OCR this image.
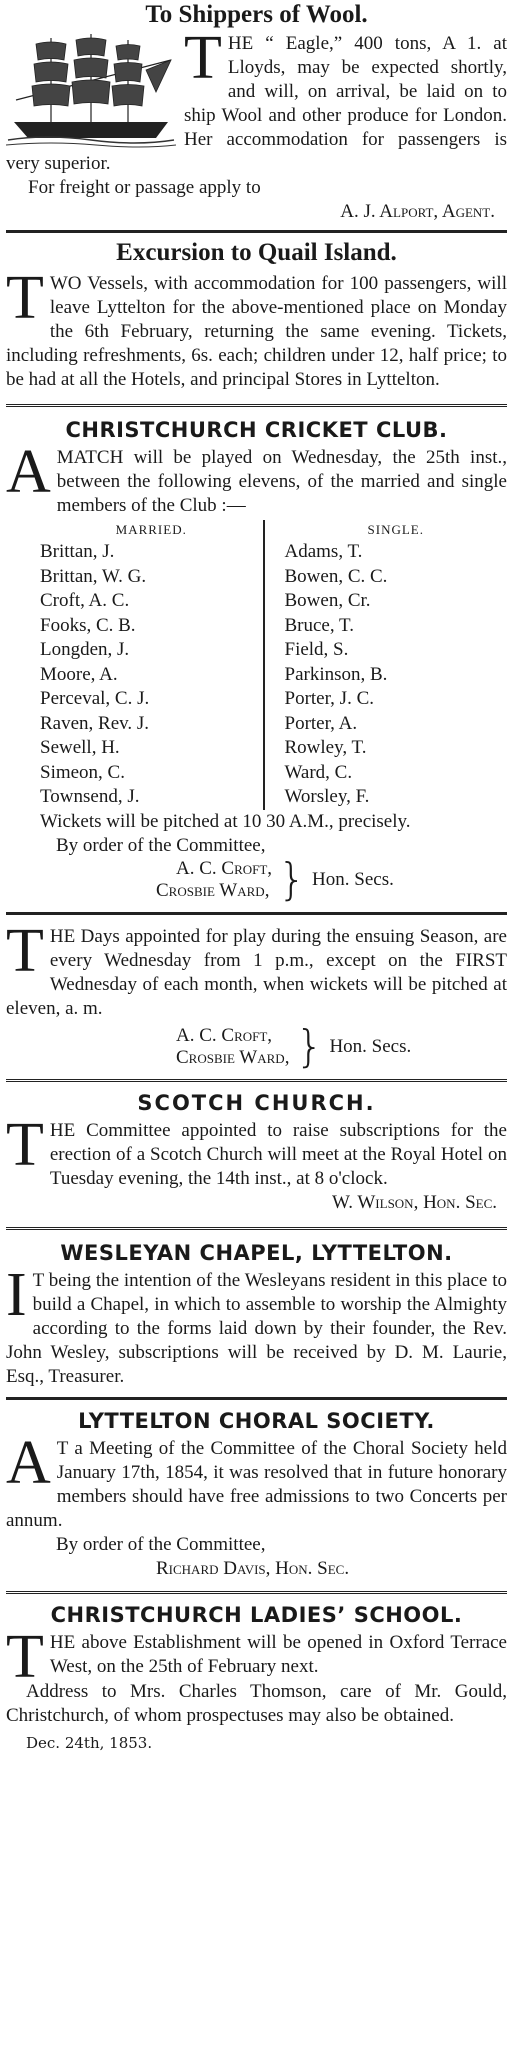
To Shippers of Wool.

THE “ Eagle,” 400 tons, A 1. at Lloyds, may be expected shortly, and will, on arrival, be laid on to ship Wool and other produce for London. Her accommodation for passengers is very superior.

For freight or passage apply to

A. J. Alport, Agent.

Excursion to Quail Island.

TWO Vessels, with accommodation for 100 passengers, will leave Lyttelton for the above-mentioned place on Monday the 6th February, returning the same evening. Tickets, including refreshments, 6s. each; children under 12, half price; to be had at all the Hotels, and principal Stores in Lyttelton.

CHRISTCHURCH CRICKET CLUB.

AMATCH will be played on Wednesday, the 25th inst., between the following elevens, of the married and single members of the Club :—

MARRIED.
Brittan, J.
Brittan, W. G.
Croft, A. C.
Fooks, C. B.
Longden, J.
Moore, A.
Perceval, C. J.
Raven, Rev. J.
Sewell, H.
Simeon, C.
Townsend, J.
SINGLE.
Adams, T.
Bowen, C. C.
Bowen, Cr.
Bruce, T.
Field, S.
Parkinson, B.
Porter, J. C.
Porter, A.
Rowley, T.
Ward, C.
Worsley, F.

Wickets will be pitched at 10 30 A.M., precisely.

By order of the Committee,

A. C. Croft,
Crosbie Ward, } Hon. Secs.

THE Days appointed for play during the ensuing Season, are every Wednesday from 1 p.m., except on the FIRST Wednesday of each month, when wickets will be pitched at eleven, a. m.

A. C. Croft,
Crosbie Ward, } Hon. Secs.
SCOTCH CHURCH.

THE Committee appointed to raise subscriptions for the erection of a Scotch Church will meet at the Royal Hotel on Tuesday evening, the 14th inst., at 8 o'clock.

W. Wilson, Hon. Sec.

WESLEYAN CHAPEL, LYTTELTON.

I T being the intention of the Wesleyans resident in this place to build a Chapel, in which to assemble to worship the Almighty according to the forms laid down by their founder, the Rev. John Wesley, subscriptions will be received by D. M. Laurie, Esq., Treasurer.

LYTTELTON CHORAL SOCIETY.

A T a Meeting of the Committee of the Choral Society held January 17th, 1854, it was resolved that in future honorary members should have free admissions to two Concerts per annum.

By order of the Committee,

Richard Davis, Hon. Sec.

CHRISTCHURCH LADIES’ SCHOOL.

THE above Establishment will be opened in Oxford Terrace West, on the 25th of February next.

Address to Mrs. Charles Thomson, care of Mr. Gould, Christchurch, of whom prospectuses may also be obtained.

Dec. 24th, 1853.
